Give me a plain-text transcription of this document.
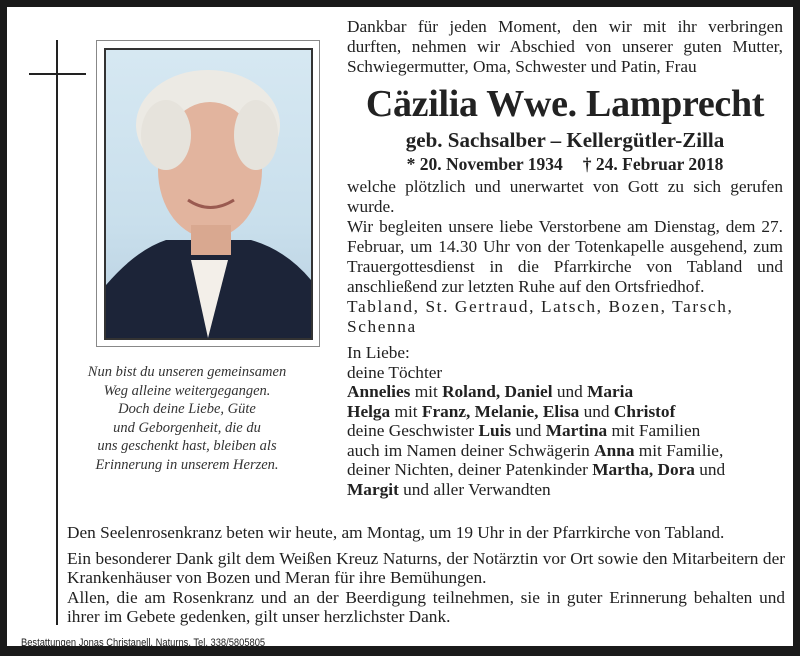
Nun bist du unseren gemeinsamen
Weg alleine weitergegangen.
Doch deine Liebe, Güte
und Geborgenheit, die du
uns geschenkt hast, bleiben als
Erinnerung in unserem Herzen.
Dankbar für jeden Moment, den wir mit ihr verbringen durften, nehmen wir Abschied von unserer guten Mutter, Schwiegermutter, Oma, Schwester und Patin, Frau
Cäzilia Wwe. Lamprecht
geb. Sachsalber – Kellergütler-Zilla
* 20. November 1934 † 24. Februar 2018
welche plötzlich und unerwartet von Gott zu sich gerufen wurde.
Wir begleiten unsere liebe Verstorbene am Dienstag, dem 27. Februar, um 14.30 Uhr von der Totenkapelle ausgehend, zum Trauergottesdienst in die Pfarrkirche von Tabland und anschließend zur letzten Ruhe auf den Ortsfriedhof.
Tabland, St. Gertraud, Latsch, Bozen, Tarsch, Schenna
In Liebe:
deine Töchter
Annelies mit Roland, Daniel und Maria
Helga mit Franz, Melanie, Elisa und Christof
deine Geschwister Luis und Martina mit Familien
auch im Namen deiner Schwägerin Anna mit Familie,
deiner Nichten, deiner Patenkinder Martha, Dora und
Margit und aller Verwandten

Den Seelenrosenkranz beten wir heute, am Montag, um 19 Uhr in der Pfarrkirche von Tabland.

Ein besonderer Dank gilt dem Weißen Kreuz Naturns, der Notärztin vor Ort sowie den Mitarbeitern der Krankenhäuser von Bozen und Meran für ihre Bemühungen.

Allen, die am Rosenkranz und an der Beerdigung teilnehmen, sie in guter Erinnerung behalten und ihrer im Gebete gedenken, gilt unser herzlichster Dank.

Bestattungen Jonas Christanell, Naturns, Tel. 338/5805805
